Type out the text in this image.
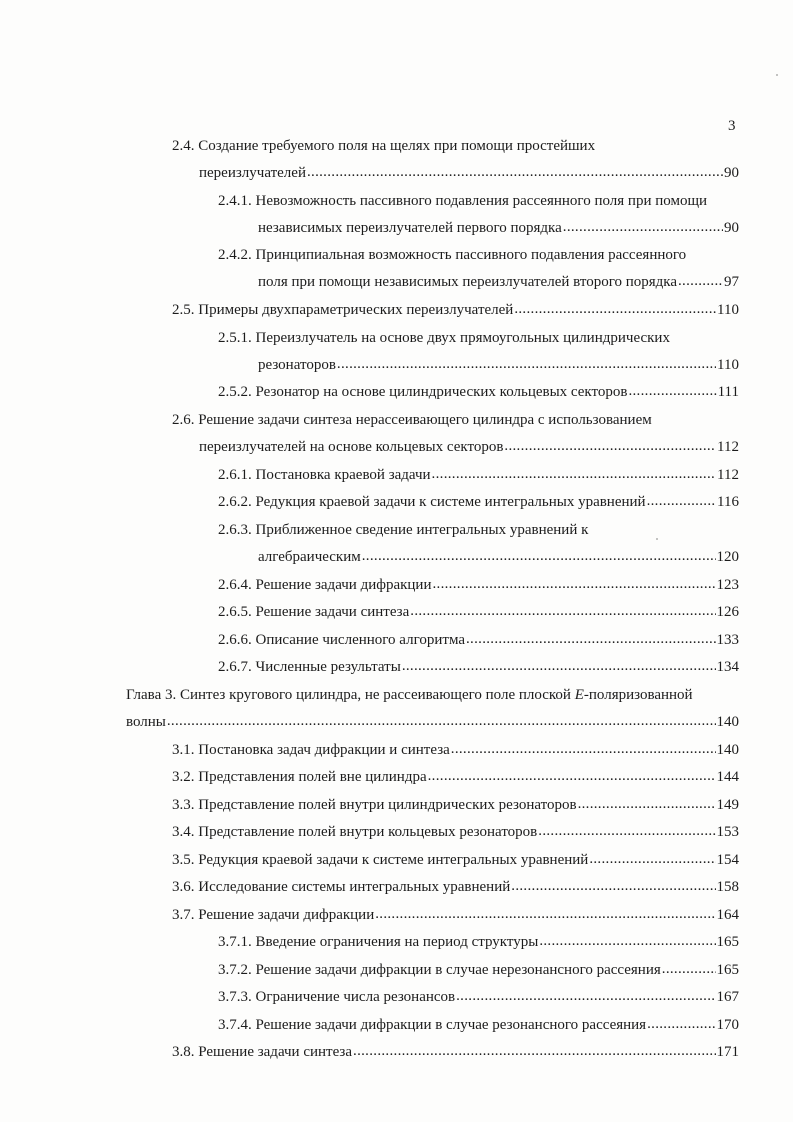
3
2.4. Создание требуемого поля на щелях при помощи простейших
переизлучателей .....	90
2.4.1. Невозможность пассивного подавления рассеянного поля при помощи
независимых переизлучателей первого порядка .....	90
2.4.2. Принципиальная возможность пассивного подавления рассеянного
поля при помощи независимых переизлучателей второго порядка .....	97
2.5. Примеры двухпараметрических переизлучателей .....	110
2.5.1. Переизлучатель на основе двух прямоугольных цилиндрических
резонаторов .....	110
2.5.2. Резонатор на основе цилиндрических кольцевых секторов .....	111
2.6. Решение задачи синтеза нерассеивающего цилиндра с использованием
переизлучателей на основе кольцевых секторов .....	112
2.6.1. Постановка краевой задачи .....	112
2.6.2. Редукция краевой задачи к системе интегральных уравнений .....	116
2.6.3. Приближенное сведение интегральных уравнений к
алгебраическим .....	120
2.6.4. Решение задачи дифракции .....	123
2.6.5. Решение задачи синтеза .....	126
2.6.6. Описание численного алгоритма .....	133
2.6.7. Численные результаты .....	134
Глава 3. Синтез кругового цилиндра, не рассеивающего поле плоской E-поляризованной
волны .....	140
3.1. Постановка задач дифракции и синтеза .....	140
3.2. Представления полей вне цилиндра .....	144
3.3. Представление полей внутри цилиндрических резонаторов .....	149
3.4. Представление полей внутри кольцевых резонаторов .....	153
3.5. Редукция краевой задачи к системе интегральных уравнений .....	154
3.6. Исследование системы интегральных уравнений .....	158
3.7. Решение задачи дифракции .....	164
3.7.1. Введение ограничения на период структуры .....	165
3.7.2. Решение задачи дифракции в случае нерезонансного рассеяния .....	165
3.7.3. Ограничение числа резонансов .....	167
3.7.4. Решение задачи дифракции в случае резонансного рассеяния .....	170
3.8. Решение задачи синтеза .....	171
